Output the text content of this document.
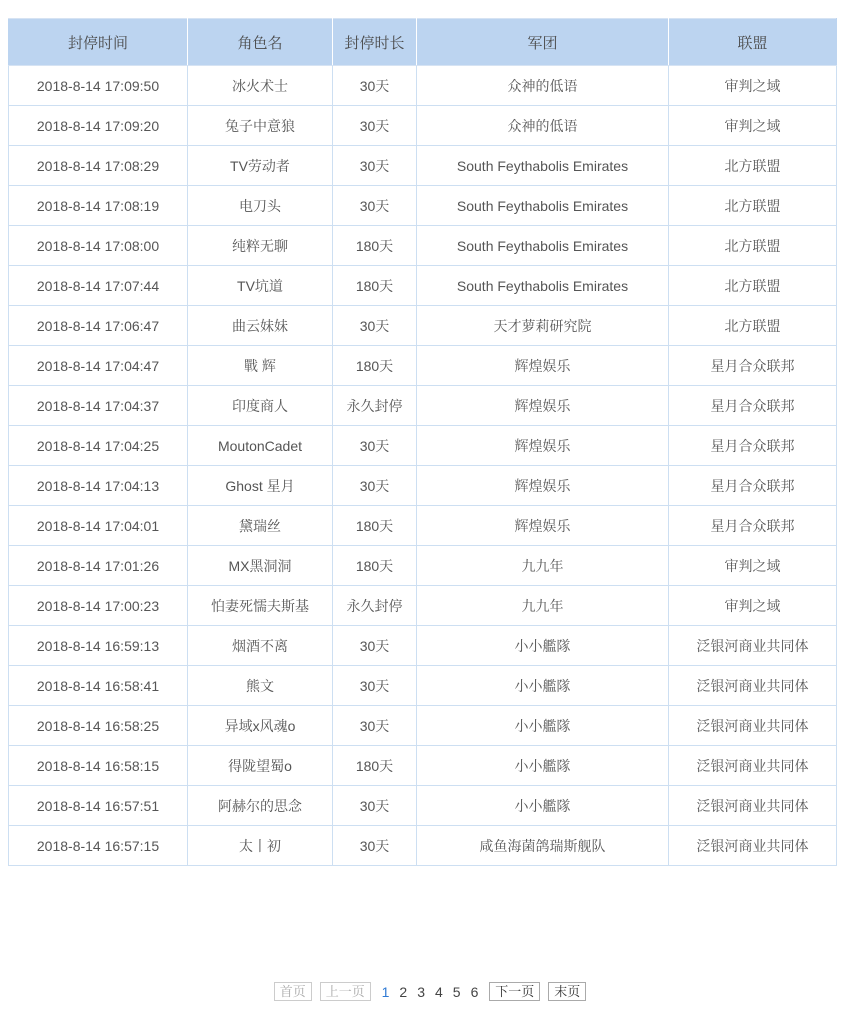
封停时间	角色名	封停时长	军团	联盟
2018-8-14 17:09:50	冰火术士	30天	众神的低语	审判之域
2018-8-14 17:09:20	兔子中意狼	30天	众神的低语	审判之域
2018-8-14 17:08:29	TV劳动者	30天	South Feythabolis Emirates	北方联盟
2018-8-14 17:08:19	电刀头	30天	South Feythabolis Emirates	北方联盟
2018-8-14 17:08:00	纯粹无聊	180天	South Feythabolis Emirates	北方联盟
2018-8-14 17:07:44	TV坑道	180天	South Feythabolis Emirates	北方联盟
2018-8-14 17:06:47	曲云妹妹	30天	天才萝莉研究院	北方联盟
2018-8-14 17:04:47	戰 辉	180天	辉煌娱乐	星月合众联邦
2018-8-14 17:04:37	印度商人	永久封停	辉煌娱乐	星月合众联邦
2018-8-14 17:04:25	MoutonCadet	30天	辉煌娱乐	星月合众联邦
2018-8-14 17:04:13	Ghost 星月	30天	辉煌娱乐	星月合众联邦
2018-8-14 17:04:01	黛瑞丝	180天	辉煌娱乐	星月合众联邦
2018-8-14 17:01:26	MX黑洞洞	180天	九九年	审判之域
2018-8-14 17:00:23	怕妻死懦夫斯基	永久封停	九九年	审判之域
2018-8-14 16:59:13	烟酒不离	30天	小小艦隊	泛银河商业共同体
2018-8-14 16:58:41	熊文	30天	小小艦隊	泛银河商业共同体
2018-8-14 16:58:25	异域x风魂o	30天	小小艦隊	泛银河商业共同体
2018-8-14 16:58:15	得陇望蜀o	180天	小小艦隊	泛银河商业共同体
2018-8-14 16:57:51	阿赫尔的思念	30天	小小艦隊	泛银河商业共同体
2018-8-14 16:57:15	太丨初	30天	咸鱼海菌鸽瑞斯舰队	泛银河商业共同体
首页 上一页 1 2 3 4 5 6 下一页 末页
